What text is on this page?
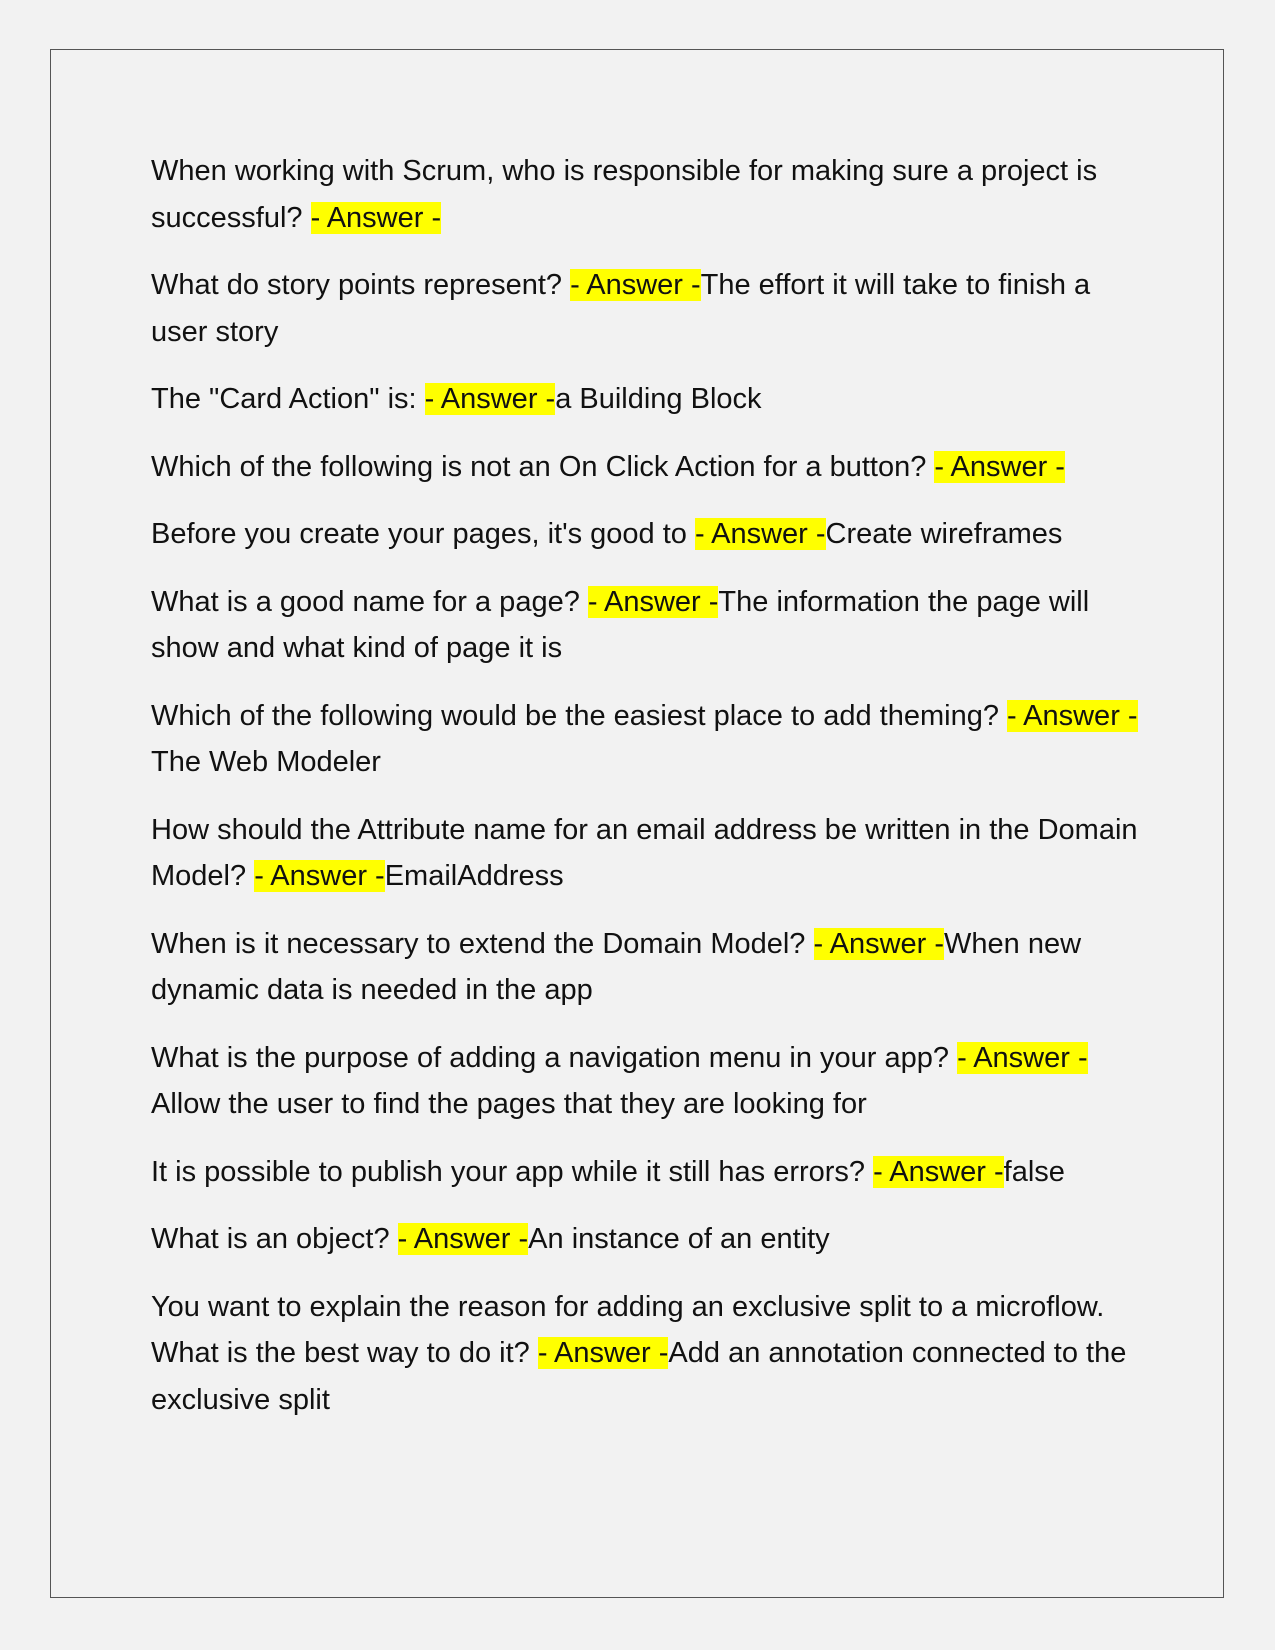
When working with Scrum, who is responsible for making sure a project is successful? - Answer -

What do story points represent? - Answer -The effort it will take to finish a user story

The "Card Action" is: - Answer -a Building Block

Which of the following is not an On Click Action for a button? - Answer -

Before you create your pages, it's good to - Answer -Create wireframes

What is a good name for a page? - Answer -The information the page will show and what kind of page it is

Which of the following would be the easiest place to add theming? - Answer -The Web Modeler

How should the Attribute name for an email address be written in the Domain Model? - Answer -EmailAddress

When is it necessary to extend the Domain Model? - Answer -When new dynamic data is needed in the app

What is the purpose of adding a navigation menu in your app? - Answer -Allow the user to find the pages that they are looking for

It is possible to publish your app while it still has errors? - Answer -false

What is an object? - Answer -An instance of an entity

You want to explain the reason for adding an exclusive split to a microflow. What is the best way to do it? - Answer -Add an annotation connected to the exclusive split
